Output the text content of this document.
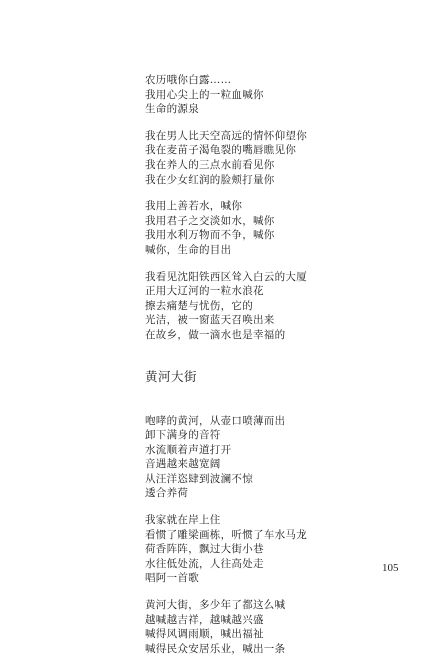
农历哦你白露……
我用心尖上的一粒血喊你
生命的源泉
我在男人比天空高远的情怀仰望你
我在麦苗子渴龟裂的嘴唇瞧见你
我在养人的三点水前看见你
我在少女红润的脸颊打量你
我用上善若水，喊你
我用君子之交淡如水，喊你
我用水利万物而不争，喊你
喊你，生命的目出
我看见沈阳铁西区耸入白云的大厦
正用大辽河的一粒水浪花
擦去痛楚与忧伤，它的
光洁，被一窗蓝天召唤出来
在故乡，做一滴水也是幸福的
黄河大街
咆哮的黄河，从壶口喷薄而出
卸下满身的音符
水流顺着声道打开
音遇越来越宽阔
从汪洋恣肆到波澜不惊
逶合养荷
我家就在岸上住
看惯了雕梁画栋，听惯了车水马龙
荷香阵阵，飘过大街小巷
水往低处流，人往高处走
唱阿一首歌
黄河大街，多少年了都这么喊
越喊越吉祥，越喊越兴盛
喊得风调雨顺，喊出福祉
喊得民众安居乐业，喊出一条
105
